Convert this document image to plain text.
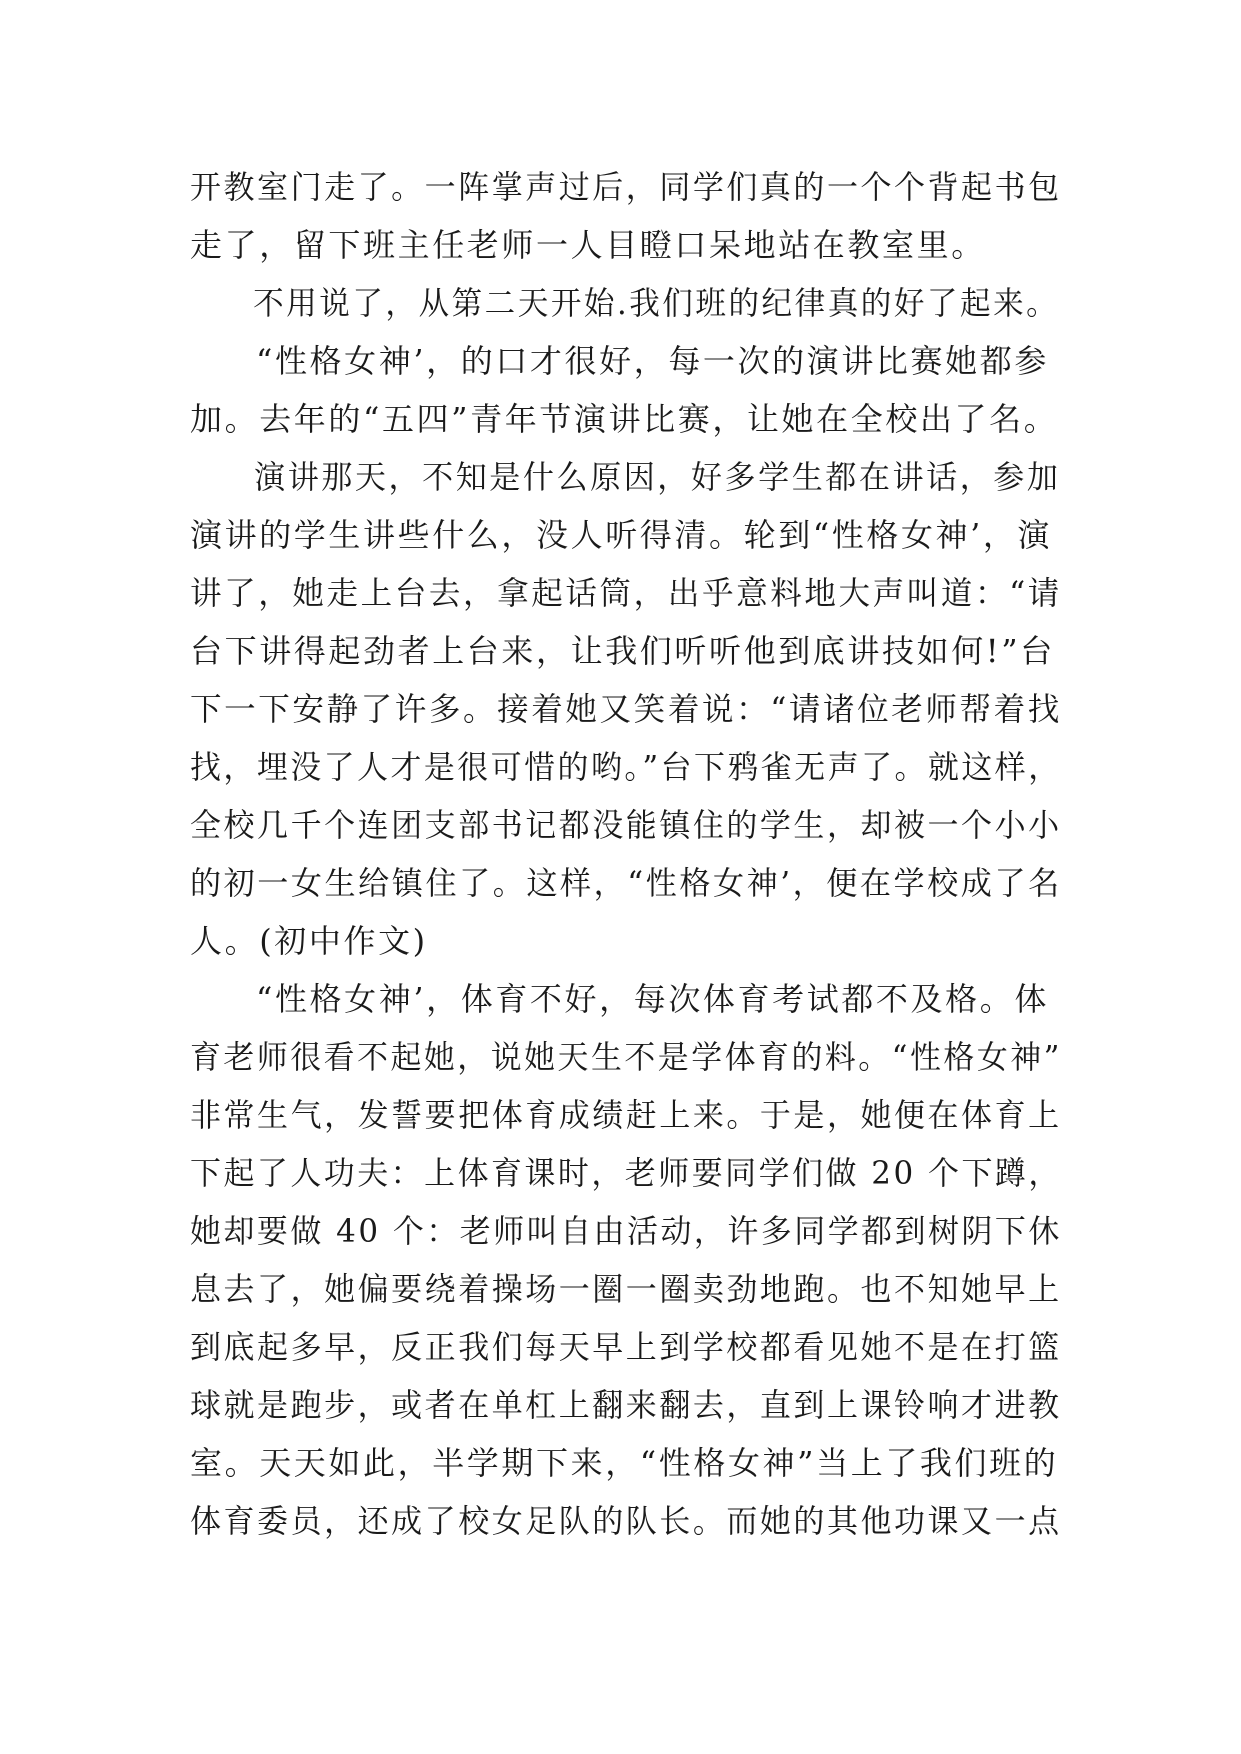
开教室门走了。一阵掌声过后，同学们真的一个个背起书包
走了，留下班主任老师一人目瞪口呆地站在教室里。
不用说了，从第二天开始.我们班的纪律真的好了起来。
“性格女神’，的口才很好，每一次的演讲比赛她都参
加。去年的“五四”青年节演讲比赛，让她在全校出了名。
演讲那天，不知是什么原因，好多学生都在讲话，参加
演讲的学生讲些什么，没人听得清。轮到“性格女神’，演
讲了，她走上台去，拿起话筒，出乎意料地大声叫道：“请
台下讲得起劲者上台来，让我们听听他到底讲技如何!”台
下一下安静了许多。接着她又笑着说：“请诸位老师帮着找
找，埋没了人才是很可惜的哟。”台下鸦雀无声了。就这样，
全校几千个连团支部书记都没能镇住的学生，却被一个小小
的初一女生给镇住了。这样，“性格女神’，便在学校成了名
人。(初中作文)
“性格女神’，体育不好，每次体育考试都不及格。体
育老师很看不起她，说她天生不是学体育的料。“性格女神”
非常生气，发誓要把体育成绩赶上来。于是，她便在体育上
下起了人功夫：上体育课时，老师要同学们做 20 个下蹲，
她却要做 40 个：老师叫自由活动，许多同学都到树阴下休
息去了，她偏要绕着操场一圈一圈卖劲地跑。也不知她早上
到底起多早，反正我们每天早上到学校都看见她不是在打篮
球就是跑步，或者在单杠上翻来翻去，直到上课铃响才进教
室。天天如此，半学期下来，“性格女神”当上了我们班的
体育委员，还成了校女足队的队长。而她的其他功课又一点
